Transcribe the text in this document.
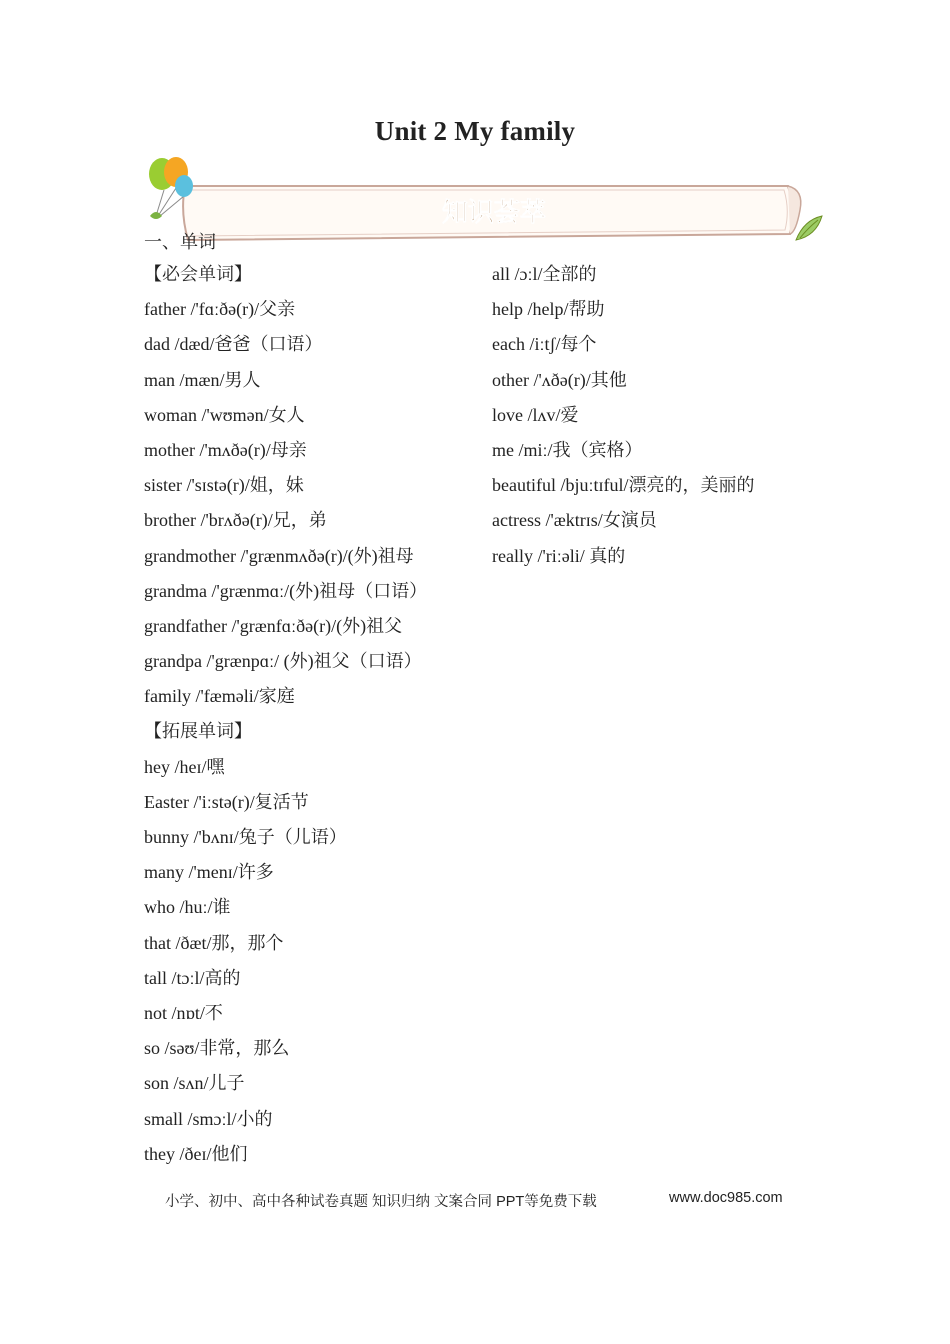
Unit 2 My family
知识荟萃
一、单词
【必会单词】
father /'fɑːðə(r)/父亲
dad /dæd/爸爸（口语）
man /mæn/男人
woman /'wʊmən/女人
mother /'mʌðə(r)/母亲
sister /'sɪstə(r)/姐，妹
brother /'brʌðə(r)/兄，弟
grandmother /'grænmʌðə(r)/(外)祖母
grandma /'grænmɑː/(外)祖母（口语）
grandfather /'grænfɑːðə(r)/(外)祖父
grandpa /'grænpɑː/ (外)祖父（口语）
family /'fæməli/家庭
【拓展单词】
hey /heɪ/嘿
Easter /'iːstə(r)/复活节
bunny /'bʌnɪ/兔子（儿语）
many /'menɪ/许多
who /huː/谁
that /ðæt/那，那个
tall /tɔːl/高的
not /nɒt/不
so /səʊ/非常，那么
son /sʌn/儿子
small /smɔːl/小的
they /ðeɪ/他们
all /ɔːl/全部的
help /help/帮助
each /iːtʃ/每个
other /'ʌðə(r)/其他
love /lʌv/爱
me /miː/我（宾格）
beautiful /bjuːtɪful/漂亮的，美丽的
actress /'æktrɪs/女演员
really /'riːəli/ 真的
小学、初中、高中各种试卷真题 知识归纳 文案合同 PPT等免费下载	www.doc985.com
